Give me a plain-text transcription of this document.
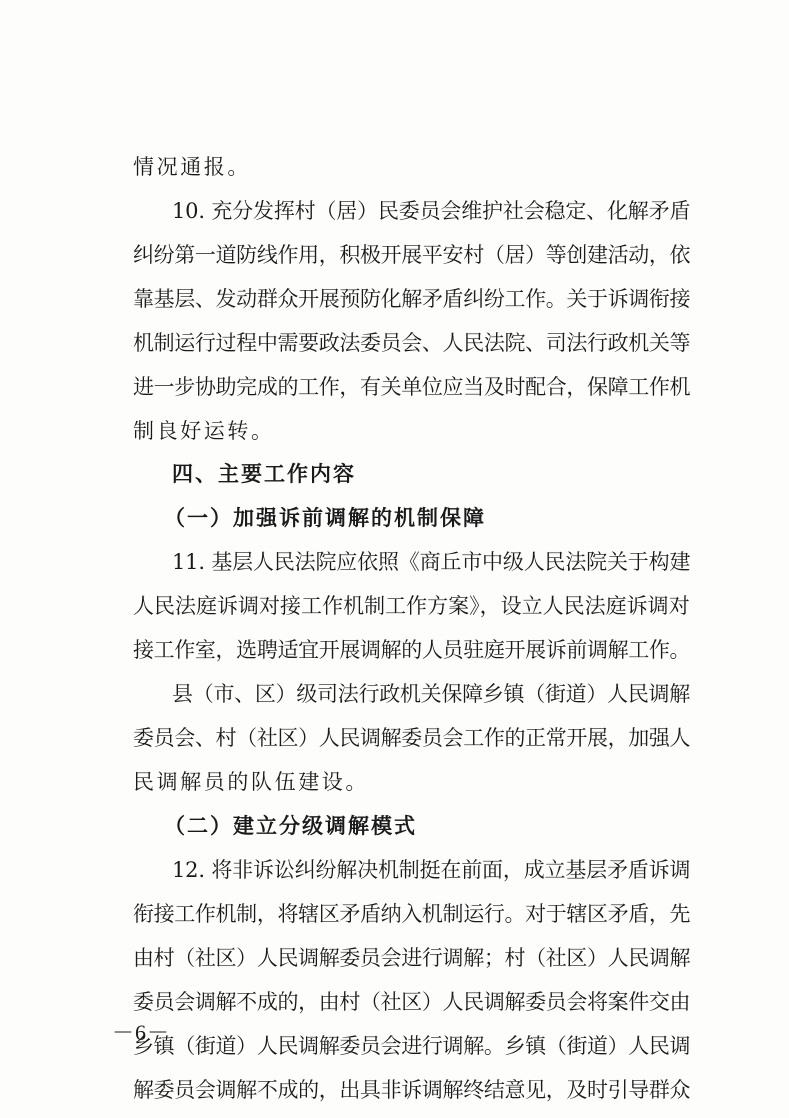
情况通报。
10. 充分发挥村（居）民委员会维护社会稳定、化解矛盾
纠纷第一道防线作用，积极开展平安村（居）等创建活动，依
靠基层、发动群众开展预防化解矛盾纠纷工作。关于诉调衔接
机制运行过程中需要政法委员会、人民法院、司法行政机关等
进一步协助完成的工作，有关单位应当及时配合，保障工作机
制良好运转。
四、主要工作内容
（一）加强诉前调解的机制保障
11. 基层人民法院应依照《商丘市中级人民法院关于构建
人民法庭诉调对接工作机制工作方案》，设立人民法庭诉调对
接工作室，选聘适宜开展调解的人员驻庭开展诉前调解工作。
县（市、区）级司法行政机关保障乡镇（街道）人民调解
委员会、村（社区）人民调解委员会工作的正常开展，加强人
民调解员的队伍建设。
（二）建立分级调解模式
12. 将非诉讼纠纷解决机制挺在前面，成立基层矛盾诉调
衔接工作机制，将辖区矛盾纳入机制运行。对于辖区矛盾，先
由村（社区）人民调解委员会进行调解；村（社区）人民调解
委员会调解不成的，由村（社区）人民调解委员会将案件交由
乡镇（街道）人民调解委员会进行调解。乡镇（街道）人民调
解委员会调解不成的，出具非诉调解终结意见，及时引导群众
－6－
